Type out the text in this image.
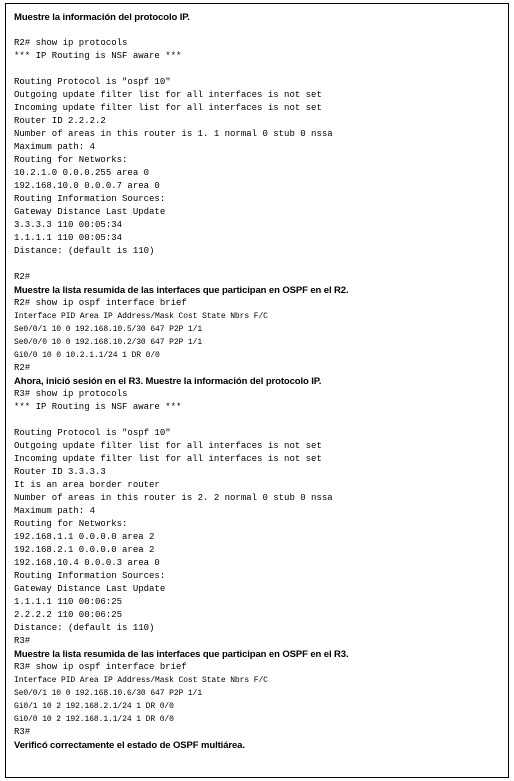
Muestre la información del protocolo IP.
R2# show ip protocols
*** IP Routing is NSF aware ***
Routing Protocol is "ospf 10"
Outgoing update filter list for all interfaces is not set
Incoming update filter list for all interfaces is not set
Router ID 2.2.2.2
Number of areas in this router is 1. 1 normal 0 stub 0 nssa
Maximum path: 4
Routing for Networks:
10.2.1.0 0.0.0.255 area 0
192.168.10.0 0.0.0.7 area 0
Routing Information Sources:
Gateway Distance Last Update
3.3.3.3 110 00:05:34
1.1.1.1 110 00:05:34
Distance: (default is 110)
R2#
Muestre la lista resumida de las interfaces que participan en OSPF en el R2.
R2# show ip ospf interface brief
Interface PID Area IP Address/Mask Cost State Nbrs F/C
Se0/0/1 10 0 192.168.10.5/30 647 P2P 1/1
Se0/0/0 10 0 192.168.10.2/30 647 P2P 1/1
Gi0/0 10 0 10.2.1.1/24 1 DR 0/0
R2#
Ahora, inició sesión en el R3. Muestre la información del protocolo IP.
R3# show ip protocols
*** IP Routing is NSF aware ***
Routing Protocol is "ospf 10"
Outgoing update filter list for all interfaces is not set
Incoming update filter list for all interfaces is not set
Router ID 3.3.3.3
It is an area border router
Number of areas in this router is 2. 2 normal 0 stub 0 nssa
Maximum path: 4
Routing for Networks:
192.168.1.1 0.0.0.0 area 2
192.168.2.1 0.0.0.0 area 2
192.168.10.4 0.0.0.3 area 0
Routing Information Sources:
Gateway Distance Last Update
1.1.1.1 110 00:06:25
2.2.2.2 110 00:06:25
Distance: (default is 110)
R3#
Muestre la lista resumida de las interfaces que participan en OSPF en el R3.
R3# show ip ospf interface brief
Interface PID Area IP Address/Mask Cost State Nbrs F/C
Se0/0/1 10 0 192.168.10.6/30 647 P2P 1/1
Gi0/1 10 2 192.168.2.1/24 1 DR 0/0
Gi0/0 10 2 192.168.1.1/24 1 DR 0/0
R3#
Verificó correctamente el estado de OSPF multiárea.
